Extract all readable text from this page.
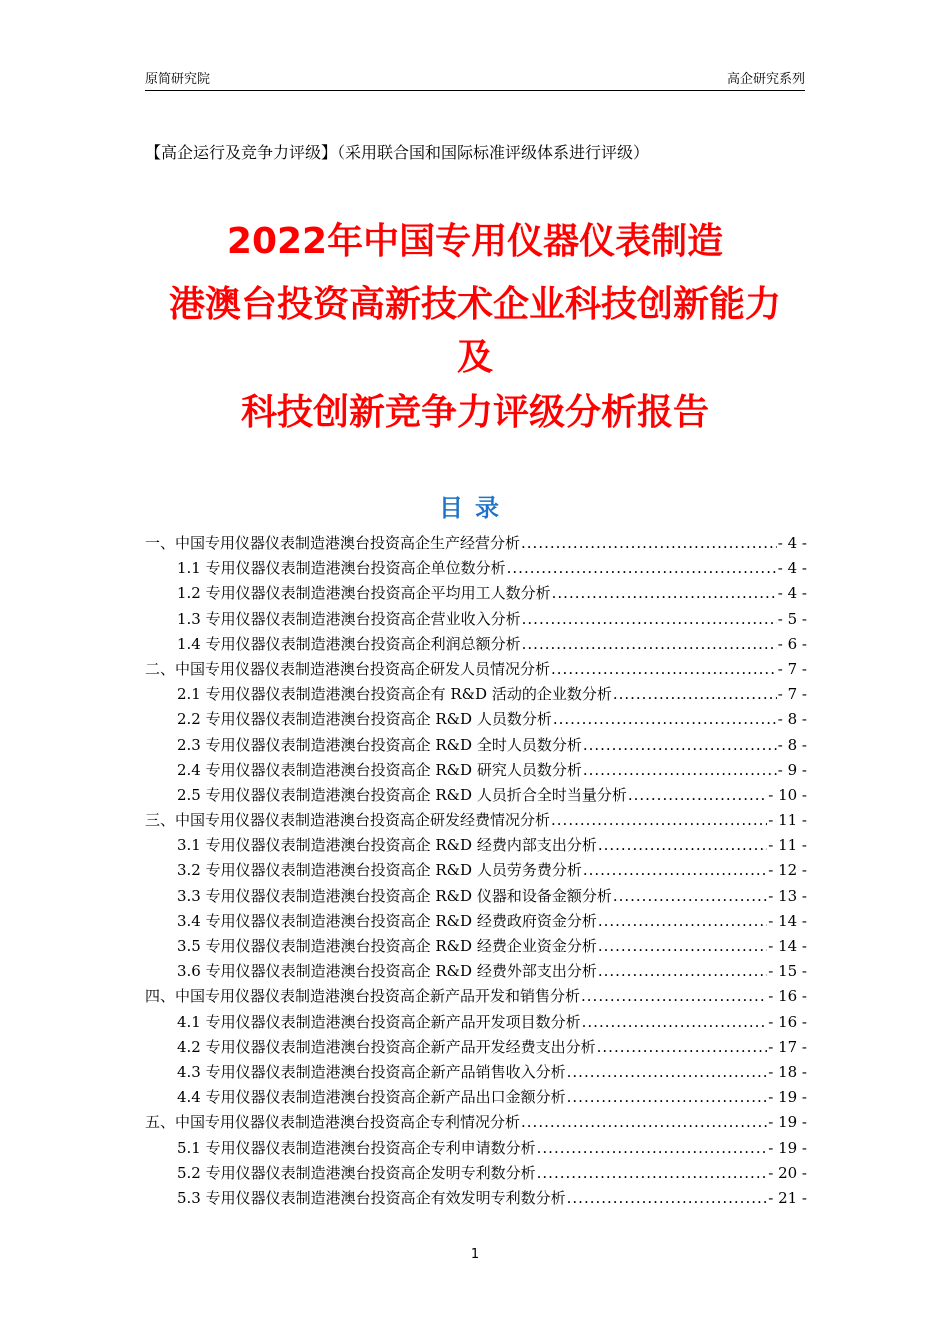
原简研究院	高企研究系列
【高企运行及竞争力评级】（采用联合国和国际标准评级体系进行评级）
2022年中国专用仪器仪表制造
港澳台投资高新技术企业科技创新能力
及
科技创新竞争力评级分析报告
目录
一、中国专用仪器仪表制造港澳台投资高企生产经营分析 .....	- 4 -
1.1 专用仪器仪表制造港澳台投资高企单位数分析 .....	- 4 -
1.2 专用仪器仪表制造港澳台投资高企平均用工人数分析 .....	- 4 -
1.3 专用仪器仪表制造港澳台投资高企营业收入分析 .....	- 5 -
1.4 专用仪器仪表制造港澳台投资高企利润总额分析 .....	- 6 -
二、中国专用仪器仪表制造港澳台投资高企研发人员情况分析 .....	- 7 -
2.1 专用仪器仪表制造港澳台投资高企有 R&D 活动的企业数分析 .....	- 7 -
2.2 专用仪器仪表制造港澳台投资高企 R&D 人员数分析 .....	- 8 -
2.3 专用仪器仪表制造港澳台投资高企 R&D 全时人员数分析 .....	- 8 -
2.4 专用仪器仪表制造港澳台投资高企 R&D 研究人员数分析 .....	- 9 -
2.5 专用仪器仪表制造港澳台投资高企 R&D 人员折合全时当量分析 .....	- 10 -
三、中国专用仪器仪表制造港澳台投资高企研发经费情况分析 .....	- 11 -
3.1 专用仪器仪表制造港澳台投资高企 R&D 经费内部支出分析 .....	- 11 -
3.2 专用仪器仪表制造港澳台投资高企 R&D 人员劳务费分析 .....	- 12 -
3.3 专用仪器仪表制造港澳台投资高企 R&D 仪器和设备金额分析 .....	- 13 -
3.4 专用仪器仪表制造港澳台投资高企 R&D 经费政府资金分析 .....	- 14 -
3.5 专用仪器仪表制造港澳台投资高企 R&D 经费企业资金分析 .....	- 14 -
3.6 专用仪器仪表制造港澳台投资高企 R&D 经费外部支出分析 .....	- 15 -
四、中国专用仪器仪表制造港澳台投资高企新产品开发和销售分析 .....	- 16 -
4.1 专用仪器仪表制造港澳台投资高企新产品开发项目数分析 .....	- 16 -
4.2 专用仪器仪表制造港澳台投资高企新产品开发经费支出分析 .....	- 17 -
4.3 专用仪器仪表制造港澳台投资高企新产品销售收入分析 .....	- 18 -
4.4 专用仪器仪表制造港澳台投资高企新产品出口金额分析 .....	- 19 -
五、中国专用仪器仪表制造港澳台投资高企专利情况分析 .....	- 19 -
5.1 专用仪器仪表制造港澳台投资高企专利申请数分析 .....	- 19 -
5.2 专用仪器仪表制造港澳台投资高企发明专利数分析 .....	- 20 -
5.3 专用仪器仪表制造港澳台投资高企有效发明专利数分析 .....	- 21 -
1
